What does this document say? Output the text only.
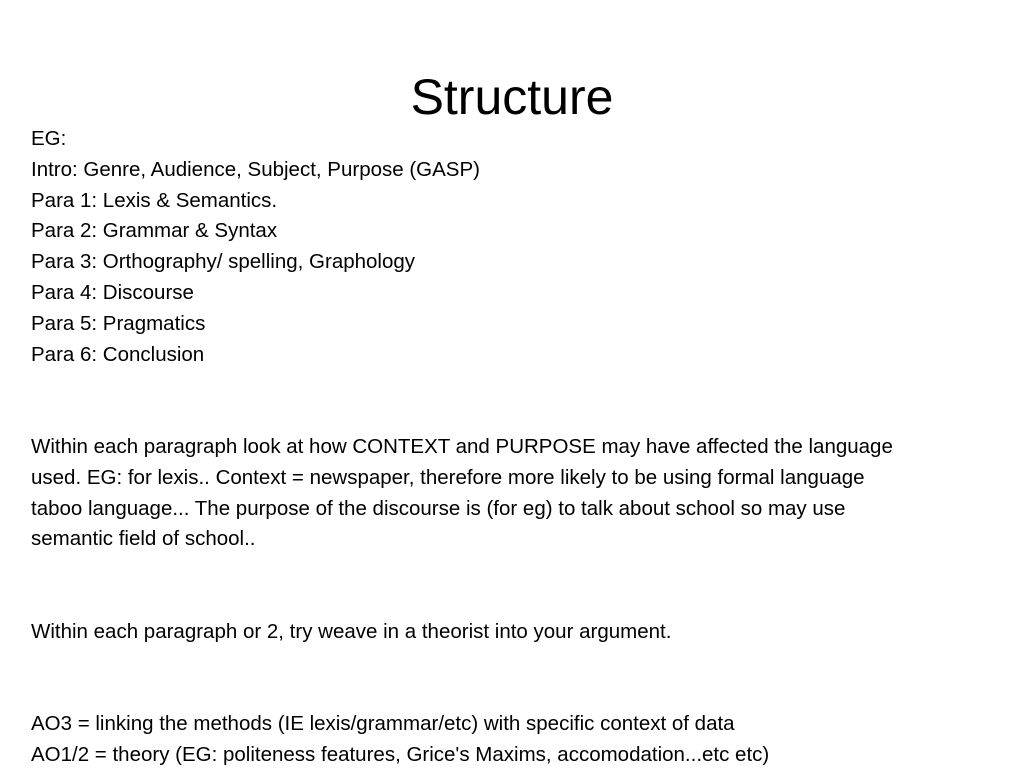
Structure
EG:
Intro: Genre, Audience, Subject, Purpose (GASP)
Para 1: Lexis & Semantics.
Para 2: Grammar & Syntax
Para 3: Orthography/ spelling, Graphology
Para 4: Discourse
Para 5: Pragmatics
Para 6: Conclusion
Within each paragraph look at how CONTEXT and PURPOSE may have affected the language
used. EG: for lexis.. Context = newspaper, therefore more likely to be using formal language
taboo language... The purpose of the discourse is (for eg) to talk about school so may use
semantic field of school..
Within each paragraph or 2, try weave in a theorist into your argument.
AO3 = linking the methods (IE lexis/grammar/etc) with specific context of data
AO1/2 = theory (EG: politeness features, Grice's Maxims, accomodation...etc etc)
